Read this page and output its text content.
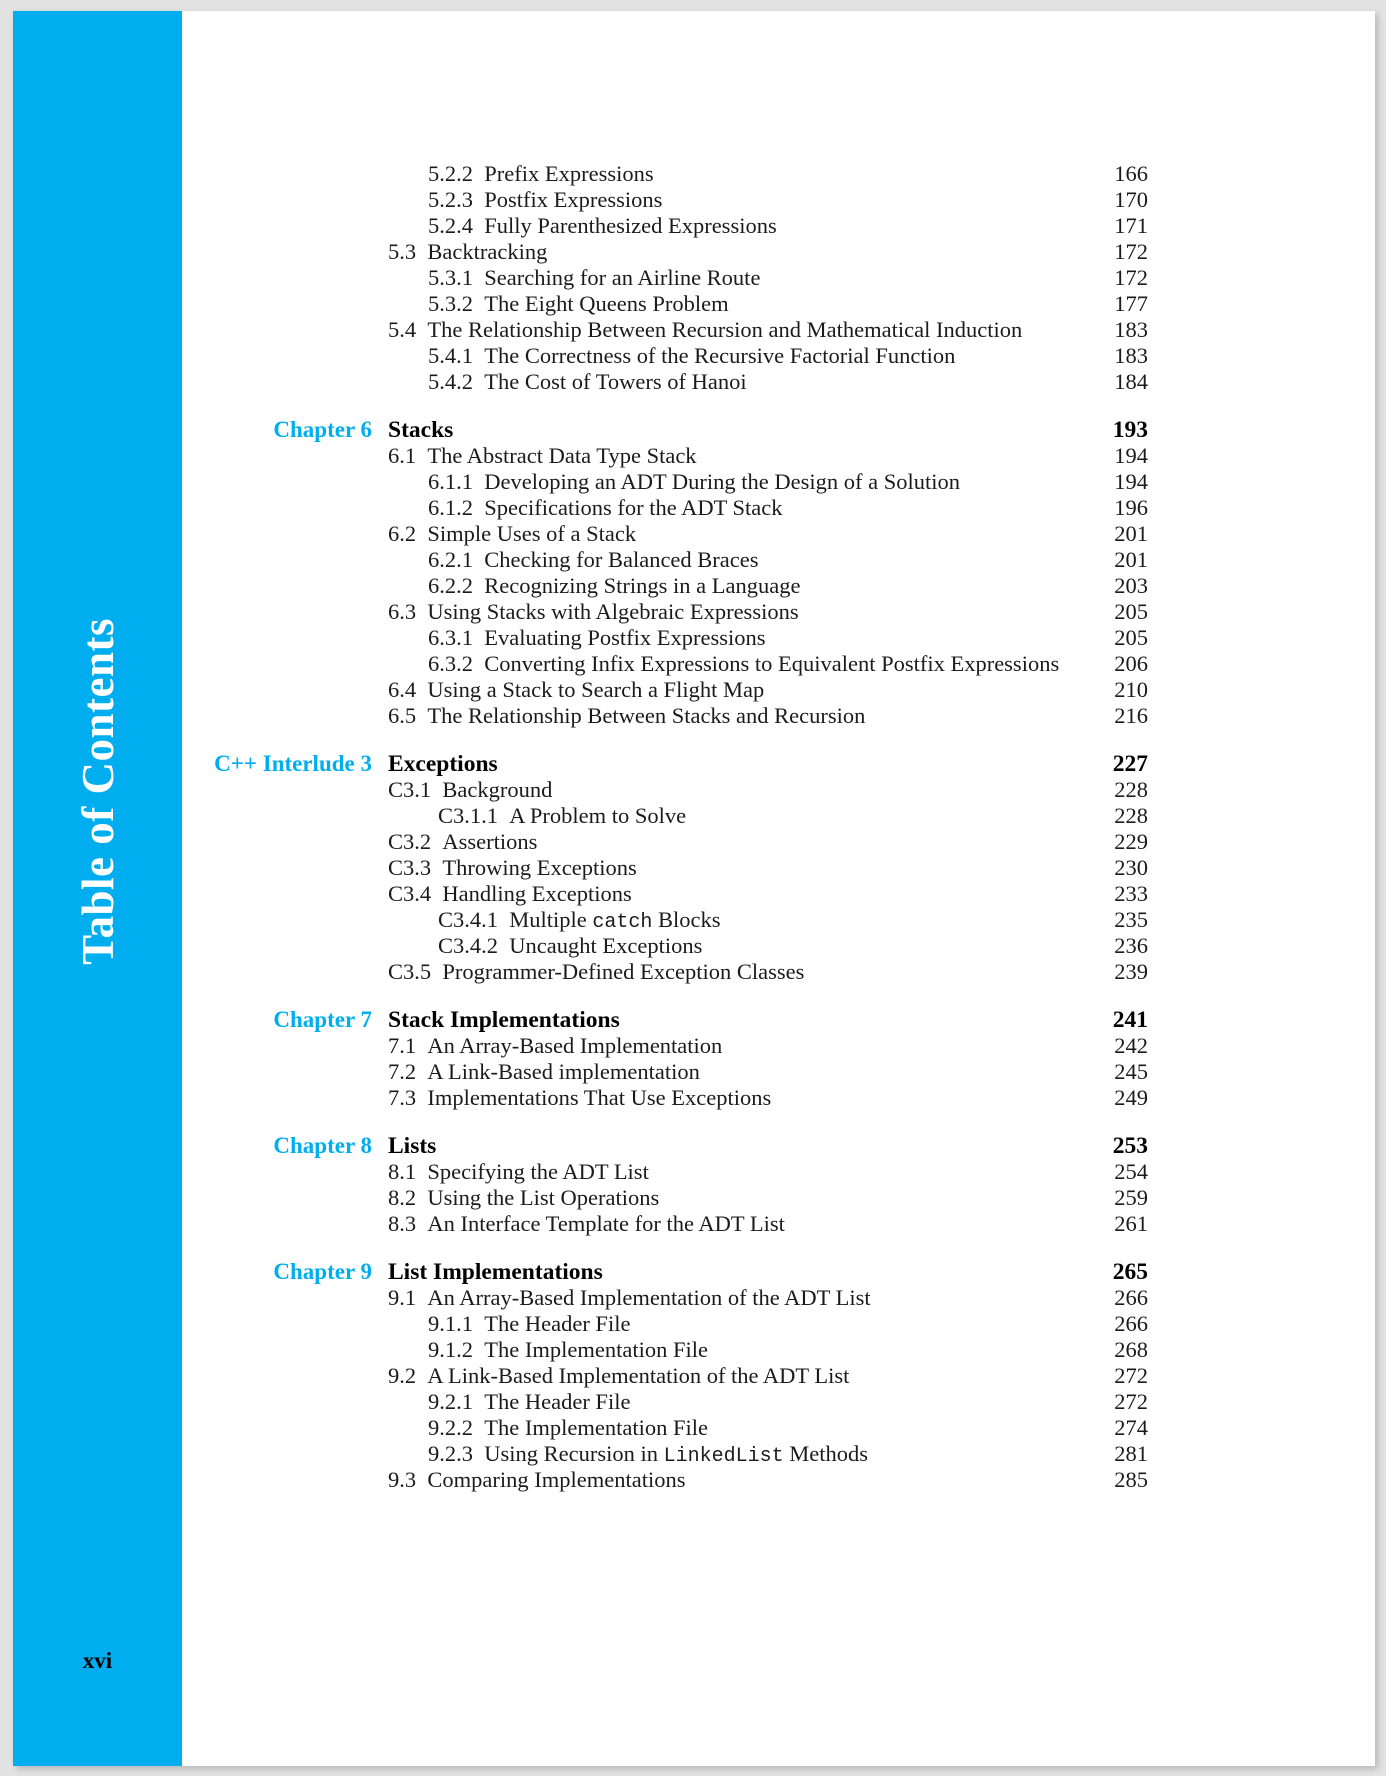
Table of Contents
xvi
5.2.2 Prefix Expressions	166
5.2.3 Postfix Expressions	170
5.2.4 Fully Parenthesized Expressions	171
5.3 Backtracking	172
5.3.1 Searching for an Airline Route	172
5.3.2 The Eight Queens Problem	177
5.4 The Relationship Between Recursion and Mathematical Induction	183
5.4.1 The Correctness of the Recursive Factorial Function	183
5.4.2 The Cost of Towers of Hanoi	184
Chapter 6 Stacks	193
6.1 The Abstract Data Type Stack	194
6.1.1 Developing an ADT During the Design of a Solution	194
6.1.2 Specifications for the ADT Stack	196
6.2 Simple Uses of a Stack	201
6.2.1 Checking for Balanced Braces	201
6.2.2 Recognizing Strings in a Language	203
6.3 Using Stacks with Algebraic Expressions	205
6.3.1 Evaluating Postfix Expressions	205
6.3.2 Converting Infix Expressions to Equivalent Postfix Expressions	206
6.4 Using a Stack to Search a Flight Map	210
6.5 The Relationship Between Stacks and Recursion	216
C++ Interlude 3 Exceptions	227
C3.1 Background	228
C3.1.1 A Problem to Solve	228
C3.2 Assertions	229
C3.3 Throwing Exceptions	230
C3.4 Handling Exceptions	233
C3.4.1 Multiple catch Blocks	235
C3.4.2 Uncaught Exceptions	236
C3.5 Programmer-Defined Exception Classes	239
Chapter 7 Stack Implementations	241
7.1 An Array-Based Implementation	242
7.2 A Link-Based implementation	245
7.3 Implementations That Use Exceptions	249
Chapter 8 Lists	253
8.1 Specifying the ADT List	254
8.2 Using the List Operations	259
8.3 An Interface Template for the ADT List	261
Chapter 9 List Implementations	265
9.1 An Array-Based Implementation of the ADT List	266
9.1.1 The Header File	266
9.1.2 The Implementation File	268
9.2 A Link-Based Implementation of the ADT List	272
9.2.1 The Header File	272
9.2.2 The Implementation File	274
9.2.3 Using Recursion in LinkedList Methods	281
9.3 Comparing Implementations	285
